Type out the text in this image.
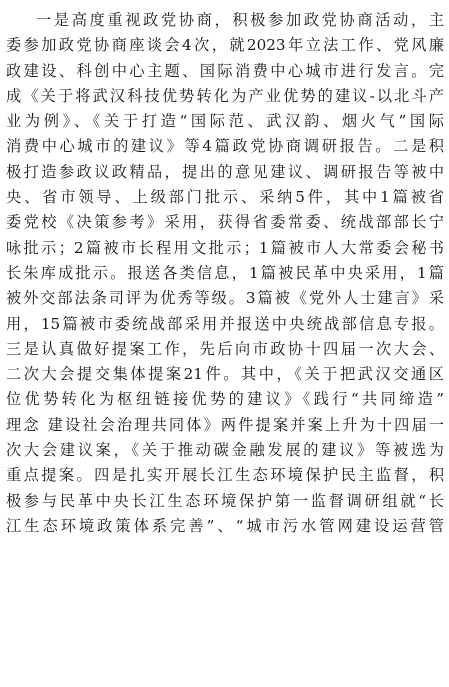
一是高度重视政党协商，积极参加政党协商活动，主
委参加政党协商座谈会4次，就2023年立法工作、党风廉
政建设、科创中心主题、国际消费中心城市进行发言。完
成《关于将武汉科技优势转化为产业优势的建议-以北斗产
业为例》、《关于打造“国际范、武汉韵、烟火气”国际
消费中心城市的建议》等4篇政党协商调研报告。二是积
极打造参政议政精品，提出的意见建议、调研报告等被中
央、省市领导、上级部门批示、采纳5件，其中1篇被省
委党校《决策参考》采用，获得省委常委、统战部部长宁
咏批示；2篇被市长程用文批示；1篇被市人大常委会秘书
长朱库成批示。报送各类信息，1篇被民革中央采用，1篇
被外交部法条司评为优秀等级。3篇被《党外人士建言》采
用，15篇被市委统战部采用并报送中央统战部信息专报。
三是认真做好提案工作，先后向市政协十四届一次大会、
二次大会提交集体提案21件。其中，《关于把武汉交通区
位优势转化为枢纽链接优势的建议》《践行“共同缔造”
理念 建设社会治理共同体》两件提案并案上升为十四届一
次大会建议案，《关于推动碳金融发展的建议》等被选为
重点提案。四是扎实开展长江生态环境保护民主监督，积
极参与民革中央长江生态环境保护第一监督调研组就“长
江生态环境政策体系完善”、“城市污水管网建设运营管
